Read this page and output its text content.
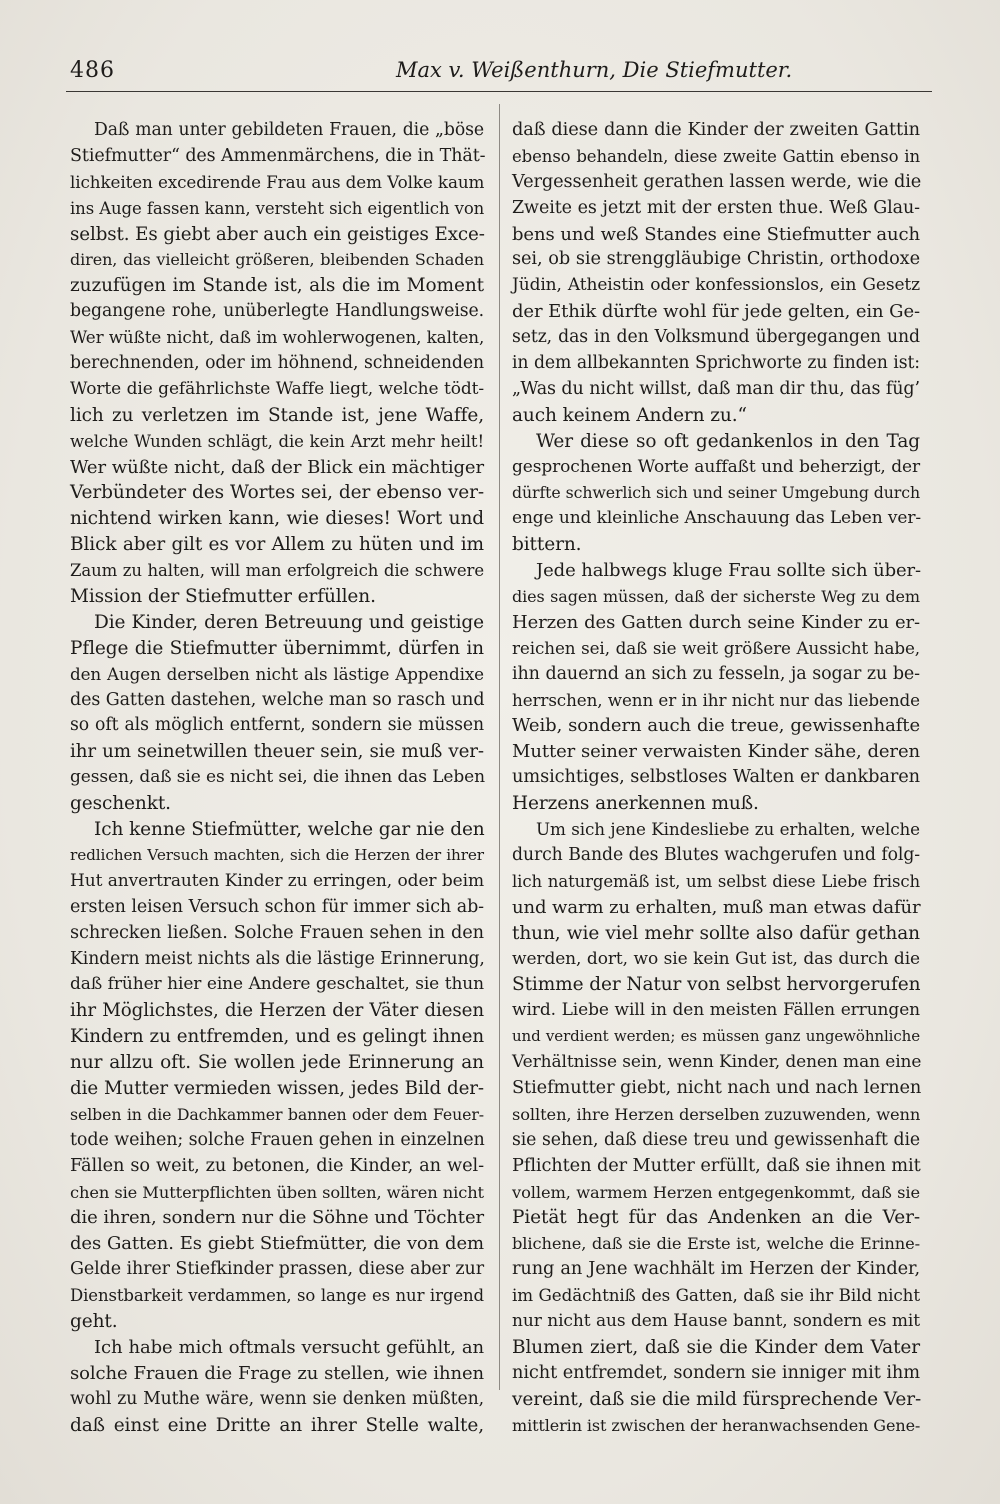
486	Max v. Weißenthurn, Die Stiefmutter.
Daß man unter gebildeten Frauen, die „böse
Stiefmutter“ des Ammenmärchens, die in Thät-
lichkeiten excedirende Frau aus dem Volke kaum
ins Auge fassen kann, versteht sich eigentlich von
selbst. Es giebt aber auch ein geistiges Exce-
diren, das vielleicht größeren, bleibenden Schaden
zuzufügen im Stande ist, als die im Moment
begangene rohe, unüberlegte Handlungsweise.
Wer wüßte nicht, daß im wohlerwogenen, kalten,
berechnenden, oder im höhnend, schneidenden
Worte die gefährlichste Waffe liegt, welche tödt-
lich zu verletzen im Stande ist, jene Waffe,
welche Wunden schlägt, die kein Arzt mehr heilt!
Wer wüßte nicht, daß der Blick ein mächtiger
Verbündeter des Wortes sei, der ebenso ver-
nichtend wirken kann, wie dieses! Wort und
Blick aber gilt es vor Allem zu hüten und im
Zaum zu halten, will man erfolgreich die schwere
Mission der Stiefmutter erfüllen.
Die Kinder, deren Betreuung und geistige
Pflege die Stiefmutter übernimmt, dürfen in
den Augen derselben nicht als lästige Appendixe
des Gatten dastehen, welche man so rasch und
so oft als möglich entfernt, sondern sie müssen
ihr um seinetwillen theuer sein, sie muß ver-
gessen, daß sie es nicht sei, die ihnen das Leben
geschenkt.
Ich kenne Stiefmütter, welche gar nie den
redlichen Versuch machten, sich die Herzen der ihrer
Hut anvertrauten Kinder zu erringen, oder beim
ersten leisen Versuch schon für immer sich ab-
schrecken ließen. Solche Frauen sehen in den
Kindern meist nichts als die lästige Erinnerung,
daß früher hier eine Andere geschaltet, sie thun
ihr Möglichstes, die Herzen der Väter diesen
Kindern zu entfremden, und es gelingt ihnen
nur allzu oft. Sie wollen jede Erinnerung an
die Mutter vermieden wissen, jedes Bild der-
selben in die Dachkammer bannen oder dem Feuer-
tode weihen; solche Frauen gehen in einzelnen
Fällen so weit, zu betonen, die Kinder, an wel-
chen sie Mutterpflichten üben sollten, wären nicht
die ihren, sondern nur die Söhne und Töchter
des Gatten. Es giebt Stiefmütter, die von dem
Gelde ihrer Stiefkinder prassen, diese aber zur
Dienstbarkeit verdammen, so lange es nur irgend
geht.
Ich habe mich oftmals versucht gefühlt, an
solche Frauen die Frage zu stellen, wie ihnen
wohl zu Muthe wäre, wenn sie denken müßten,
daß einst eine Dritte an ihrer Stelle walte,
daß diese dann die Kinder der zweiten Gattin
ebenso behandeln, diese zweite Gattin ebenso in
Vergessenheit gerathen lassen werde, wie die
Zweite es jetzt mit der ersten thue. Weß Glau-
bens und weß Standes eine Stiefmutter auch
sei, ob sie strenggläubige Christin, orthodoxe
Jüdin, Atheistin oder konfessionslos, ein Gesetz
der Ethik dürfte wohl für jede gelten, ein Ge-
setz, das in den Volksmund übergegangen und
in dem allbekannten Sprichworte zu finden ist:
„Was du nicht willst, daß man dir thu, das füg’
auch keinem Andern zu.“
Wer diese so oft gedankenlos in den Tag
gesprochenen Worte auffaßt und beherzigt, der
dürfte schwerlich sich und seiner Umgebung durch
enge und kleinliche Anschauung das Leben ver-
bittern.
Jede halbwegs kluge Frau sollte sich über-
dies sagen müssen, daß der sicherste Weg zu dem
Herzen des Gatten durch seine Kinder zu er-
reichen sei, daß sie weit größere Aussicht habe,
ihn dauernd an sich zu fesseln, ja sogar zu be-
herrschen, wenn er in ihr nicht nur das liebende
Weib, sondern auch die treue, gewissenhafte
Mutter seiner verwaisten Kinder sähe, deren
umsichtiges, selbstloses Walten er dankbaren
Herzens anerkennen muß.
Um sich jene Kindesliebe zu erhalten, welche
durch Bande des Blutes wachgerufen und folg-
lich naturgemäß ist, um selbst diese Liebe frisch
und warm zu erhalten, muß man etwas dafür
thun, wie viel mehr sollte also dafür gethan
werden, dort, wo sie kein Gut ist, das durch die
Stimme der Natur von selbst hervorgerufen
wird. Liebe will in den meisten Fällen errungen
und verdient werden; es müssen ganz ungewöhnliche
Verhältnisse sein, wenn Kinder, denen man eine
Stiefmutter giebt, nicht nach und nach lernen
sollten, ihre Herzen derselben zuzuwenden, wenn
sie sehen, daß diese treu und gewissenhaft die
Pflichten der Mutter erfüllt, daß sie ihnen mit
vollem, warmem Herzen entgegenkommt, daß sie
Pietät hegt für das Andenken an die Ver-
blichene, daß sie die Erste ist, welche die Erinne-
rung an Jene wachhält im Herzen der Kinder,
im Gedächtniß des Gatten, daß sie ihr Bild nicht
nur nicht aus dem Hause bannt, sondern es mit
Blumen ziert, daß sie die Kinder dem Vater
nicht entfremdet, sondern sie inniger mit ihm
vereint, daß sie die mild fürsprechende Ver-
mittlerin ist zwischen der heranwachsenden Gene-
